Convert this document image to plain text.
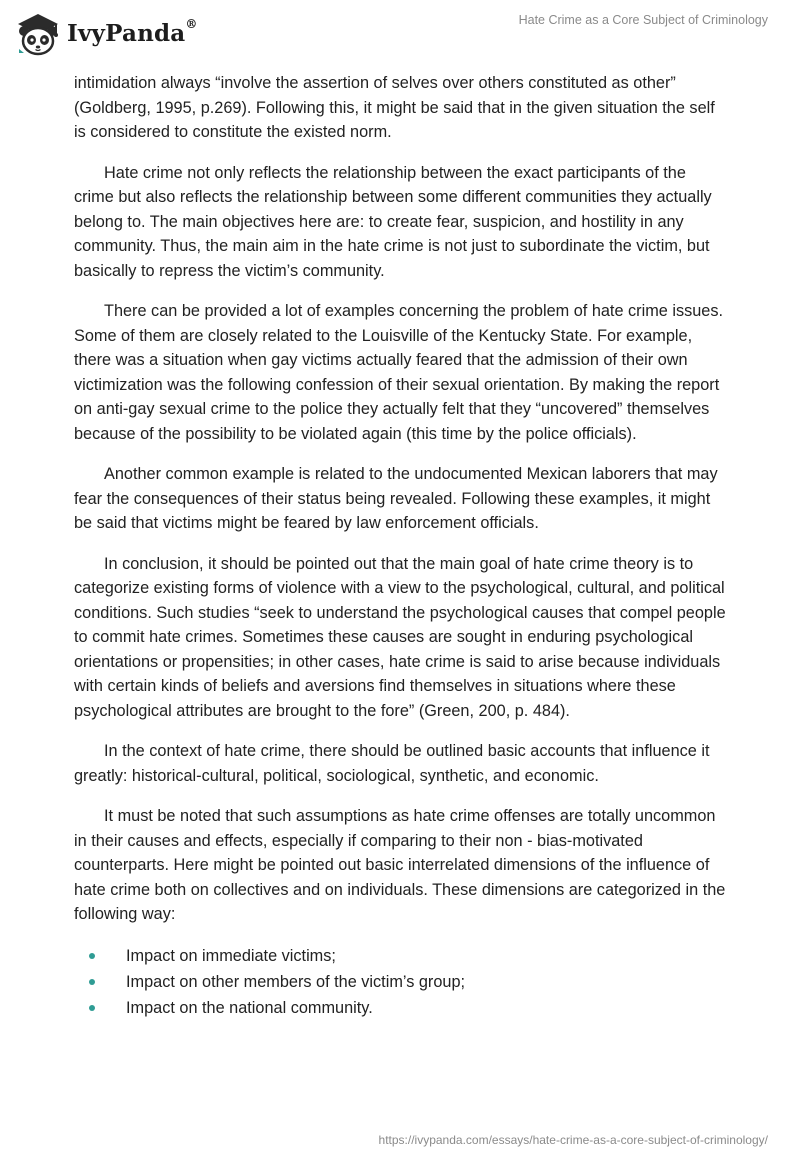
IvyPanda®	Hate Crime as a Core Subject of Criminology

intimidation always “involve the assertion of selves over others constituted as other” (Goldberg, 1995, p.269). Following this, it might be said that in the given situation the self is considered to constitute the existed norm.

Hate crime not only reflects the relationship between the exact participants of the crime but also reflects the relationship between some different communities they actually belong to. The main objectives here are: to create fear, suspicion, and hostility in any community. Thus, the main aim in the hate crime is not just to subordinate the victim, but basically to repress the victim’s community.

There can be provided a lot of examples concerning the problem of hate crime issues. Some of them are closely related to the Louisville of the Kentucky State. For example, there was a situation when gay victims actually feared that the admission of their own victimization was the following confession of their sexual orientation. By making the report on anti-gay sexual crime to the police they actually felt that they “uncovered” themselves because of the possibility to be violated again (this time by the police officials).

Another common example is related to the undocumented Mexican laborers that may fear the consequences of their status being revealed. Following these examples, it might be said that victims might be feared by law enforcement officials.

In conclusion, it should be pointed out that the main goal of hate crime theory is to categorize existing forms of violence with a view to the psychological, cultural, and political conditions. Such studies “seek to understand the psychological causes that compel people to commit hate crimes. Sometimes these causes are sought in enduring psychological orientations or propensities; in other cases, hate crime is said to arise because individuals with certain kinds of beliefs and aversions find themselves in situations where these psychological attributes are brought to the fore” (Green, 200, p. 484).

In the context of hate crime, there should be outlined basic accounts that influence it greatly: historical-cultural, political, sociological, synthetic, and economic.

It must be noted that such assumptions as hate crime offenses are totally uncommon in their causes and effects, especially if comparing to their non - bias-motivated counterparts. Here might be pointed out basic interrelated dimensions of the influence of hate crime both on collectives and on individuals. These dimensions are categorized in the following way:

Impact on immediate victims;
Impact on other members of the victim’s group;
Impact on the national community.
https://ivypanda.com/essays/hate-crime-as-a-core-subject-of-criminology/
